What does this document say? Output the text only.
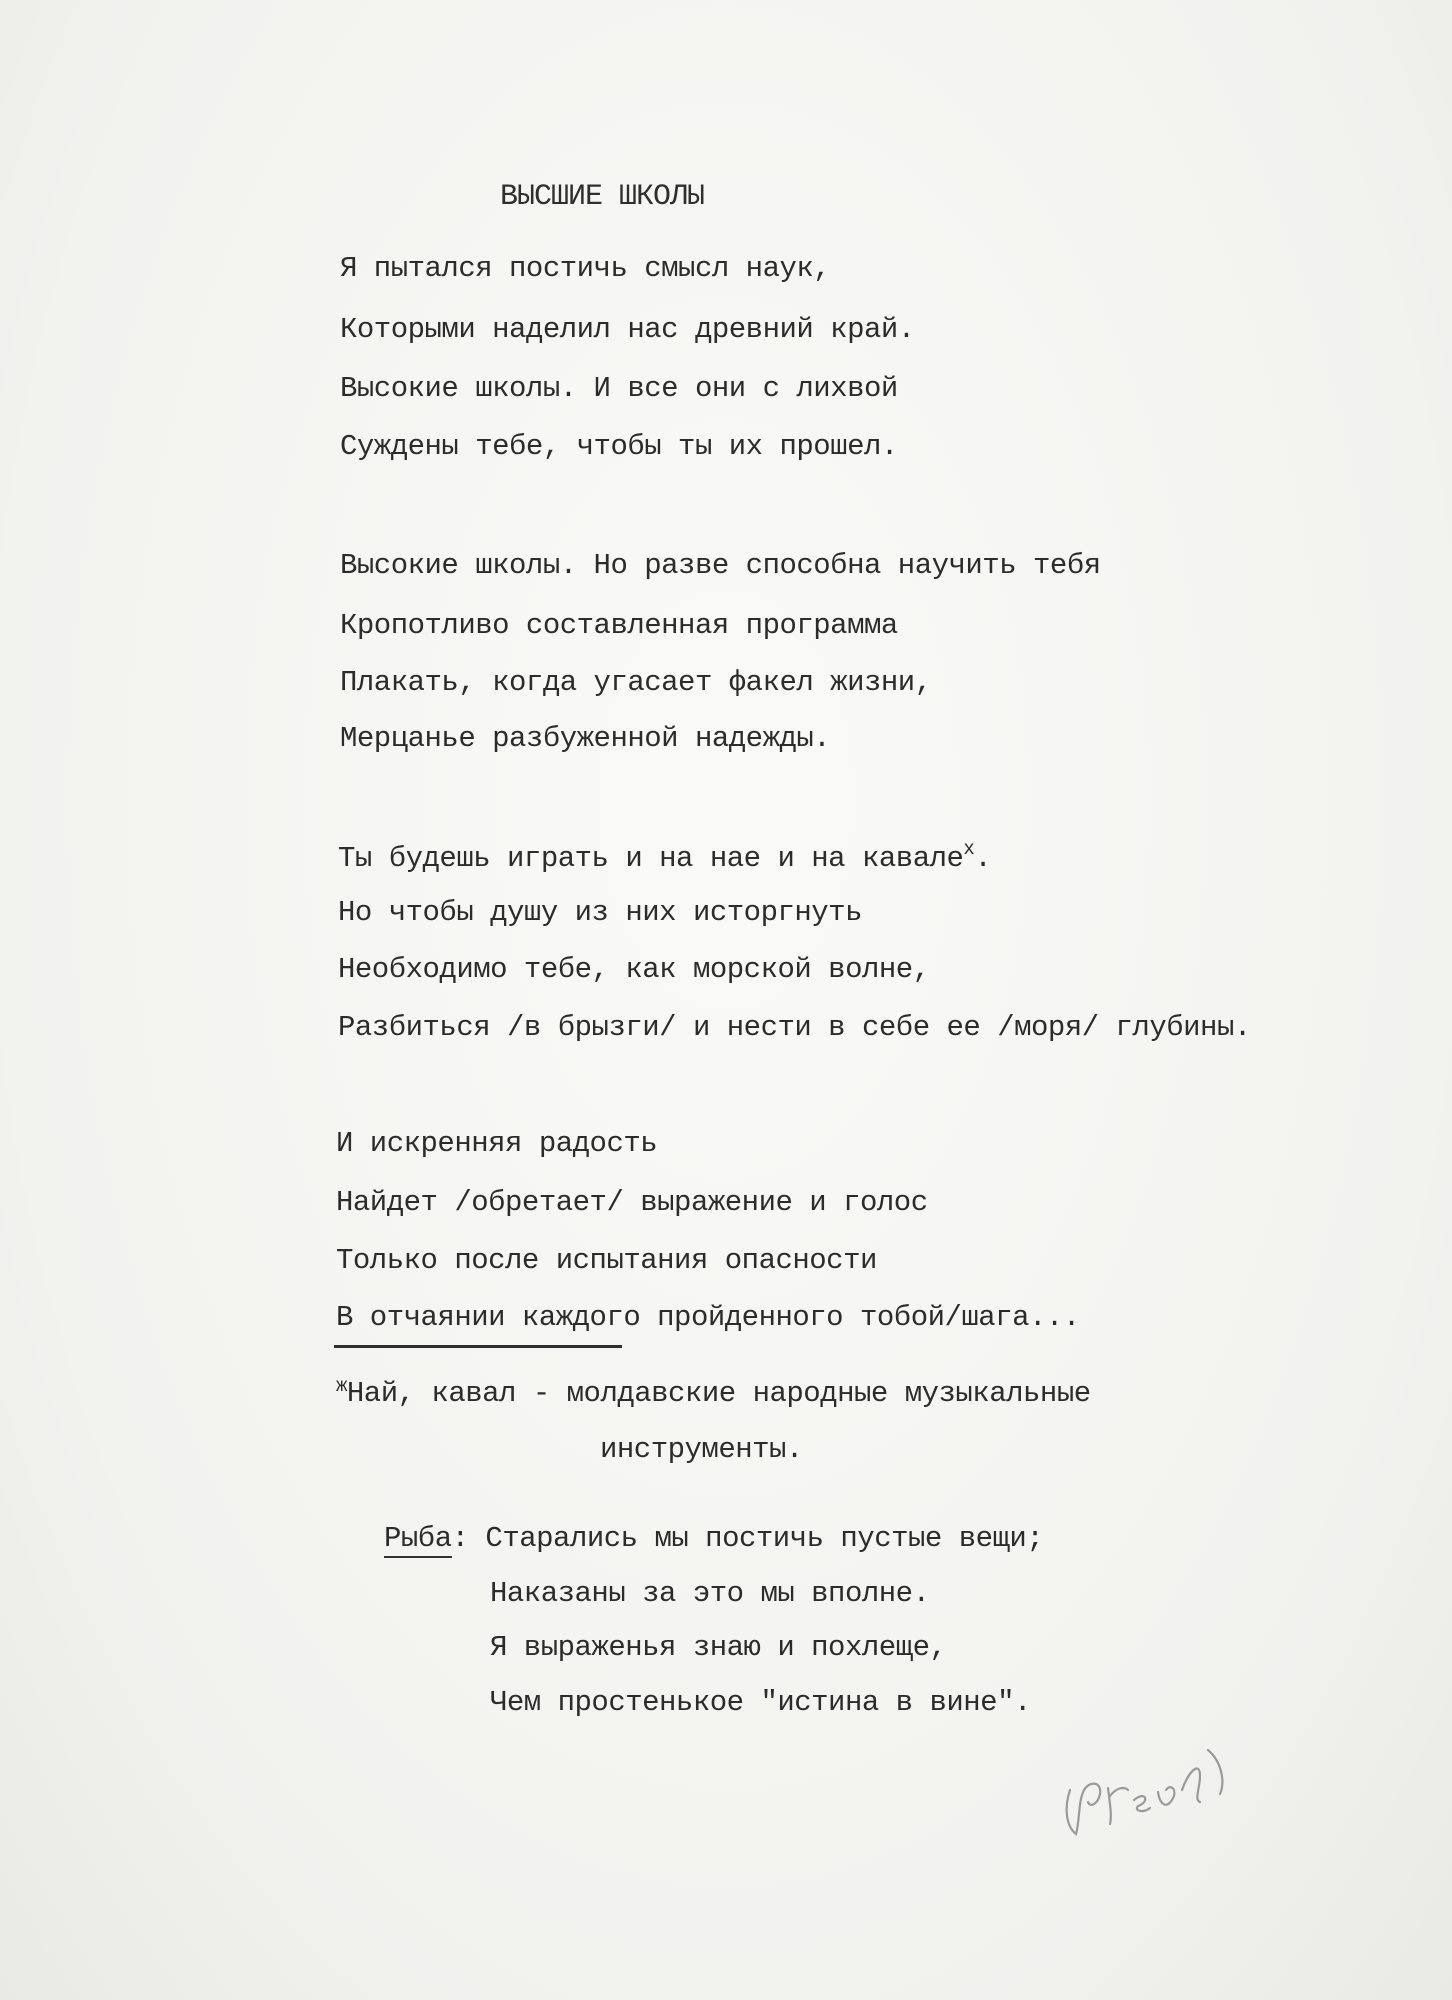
ВЫСШИЕ ШКОЛЫ
Я пытался постичь смысл наук,
Которыми наделил нас древний край.
Высокие школы. И все они с лихвой
Суждены тебе, чтобы ты их прошел.
Высокие школы. Но разве способна научить тебя
Кропотливо составленная программа
Плакать, когда угасает факел жизни,
Мерцанье разбуженной надежды.
Ты будешь играть и на нае и на кавале$^х$.
Но чтобы душу из них исторгнуть
Необходимо тебе, как морской волне,
Разбиться /в брызги/ и нести в себе ее /моря/ глубины.
И искренняя радость
Найдет /обретает/ выражение и голос
Только после испытания опасности
В отчаянии каждого пройденного тобой/шага...
$^ж$Най, кавал - молдавские народные музыкальные
инструменты.
Рыба: Старались мы постичь пустые вещи;
Наказаны за это мы вполне.
Я выраженья знаю и похлеще,
Чем простенькое "истина в вине".
